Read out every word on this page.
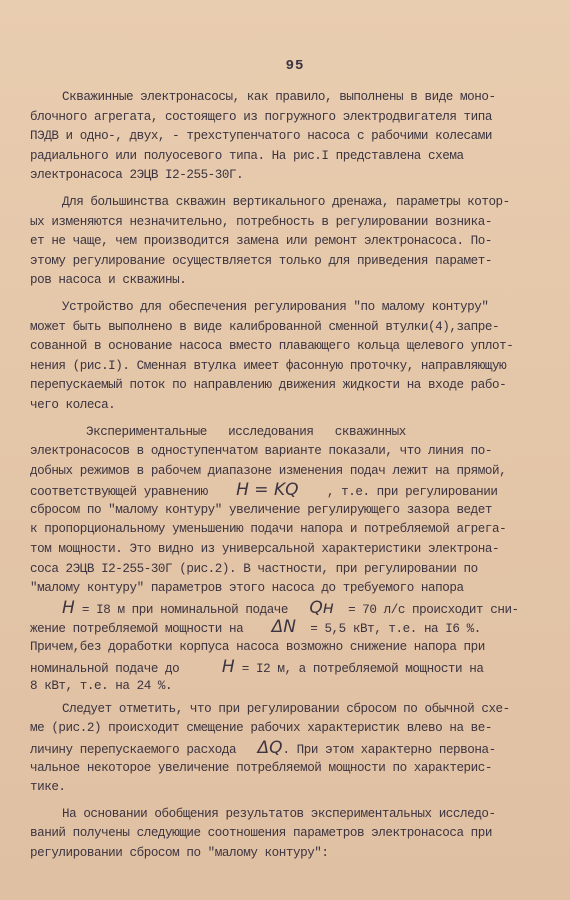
95
Скважинные электронасосы, как правило, выполнены в виде моно-
блочного агрегата, состоящего из погружного электродвигателя типа
ПЭДВ и одно-, двух, - трехступенчатого насоса с рабочими колесами
радиального или полуосевого типа. На рис.I представлена схема
электронасоса 2ЭЦВ I2-255-30Г.
Для большинства скважин вертикального дренажа, параметры котор-
ых изменяются незначительно, потребность в регулировании возника-
ет не чаще, чем производится замена или ремонт электронасоса. По-
этому регулирование осуществляется только для приведения парамет-
ров насоса и скважины.
Устройство для обеспечения регулирования "по малому контуру"
может быть выполнено в виде калиброванной сменной втулки(4),запре-
сованной в основание насоса вместо плавающего кольца щелевого уплот-
нения (рис.I). Сменная втулка имеет фасонную проточку, направляющую
перепускаемый поток по направлению движения жидкости на входе рабо-
чего колеса.
Экспериментальные   исследования   скважинных
электронасосов в одноступенчатом варианте показали, что линия по-
добных режимов в рабочем диапазоне изменения подач лежит на прямой,
соответствующей уравнению    H = KQ    , т.е. при регулировании
сбросом по "малому контуру" увеличение регулирующего зазора ведет
к пропорциональному уменьшению подачи напора и потребляемой агрега-
том мощности. Это видно из универсальной характеристики электрона-
соса 2ЭЦВ I2-255-30Г (рис.2). В частности, при регулировании по
"малому контуру" параметров этого насоса до требуемого напора
H = I8 м при номинальной подаче   Qн  = 70 л/с происходит сни-
жение потребляемой мощности на    ΔN  = 5,5 кВт, т.е. на I6 %.
Причем,без доработки корпуса насоса возможно снижение напора при
номинальной подаче до      H = I2 м, а потребляемой мощности на
8 кВт, т.е. на 24 %.
Следует отметить, что при регулировании сбросом по обычной схе-
ме (рис.2) происходит смещение рабочих характеристик влево на ве-
личину перепускаемого расхода   ΔQ. При этом характерно первона-
чальное некоторое увеличение потребляемой мощности по характерис-
тике.
На основании обобщения результатов экспериментальных исследо-
ваний получены следующие соотношения параметров электронасоса при
регулировании сбросом по "малому контуру":
